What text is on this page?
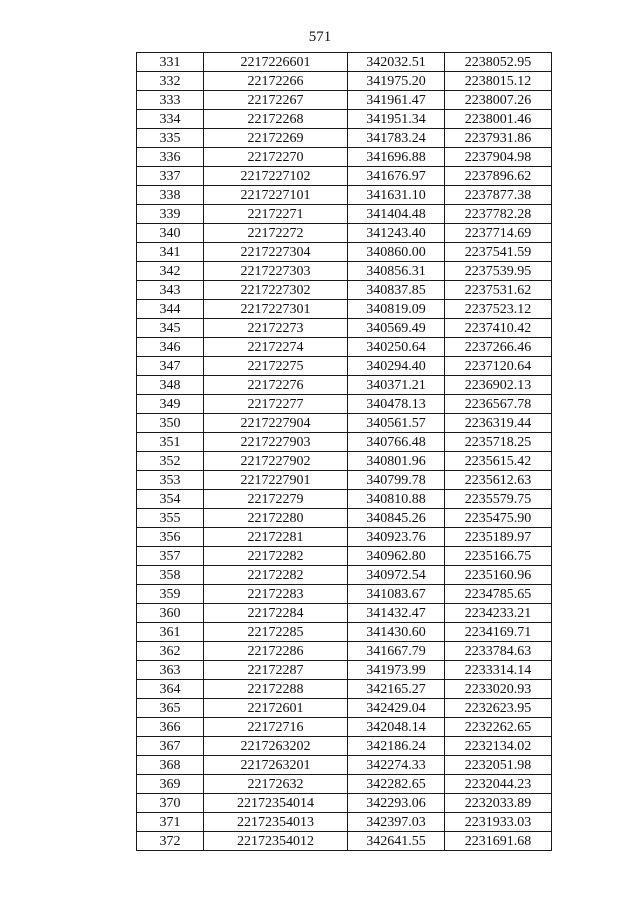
571
331	2217226601	342032.51	2238052.95
332	22172266	341975.20	2238015.12
333	22172267	341961.47	2238007.26
334	22172268	341951.34	2238001.46
335	22172269	341783.24	2237931.86
336	22172270	341696.88	2237904.98
337	2217227102	341676.97	2237896.62
338	2217227101	341631.10	2237877.38
339	22172271	341404.48	2237782.28
340	22172272	341243.40	2237714.69
341	2217227304	340860.00	2237541.59
342	2217227303	340856.31	2237539.95
343	2217227302	340837.85	2237531.62
344	2217227301	340819.09	2237523.12
345	22172273	340569.49	2237410.42
346	22172274	340250.64	2237266.46
347	22172275	340294.40	2237120.64
348	22172276	340371.21	2236902.13
349	22172277	340478.13	2236567.78
350	2217227904	340561.57	2236319.44
351	2217227903	340766.48	2235718.25
352	2217227902	340801.96	2235615.42
353	2217227901	340799.78	2235612.63
354	22172279	340810.88	2235579.75
355	22172280	340845.26	2235475.90
356	22172281	340923.76	2235189.97
357	22172282	340962.80	2235166.75
358	22172282	340972.54	2235160.96
359	22172283	341083.67	2234785.65
360	22172284	341432.47	2234233.21
361	22172285	341430.60	2234169.71
362	22172286	341667.79	2233784.63
363	22172287	341973.99	2233314.14
364	22172288	342165.27	2233020.93
365	22172601	342429.04	2232623.95
366	22172716	342048.14	2232262.65
367	2217263202	342186.24	2232134.02
368	2217263201	342274.33	2232051.98
369	22172632	342282.65	2232044.23
370	22172354014	342293.06	2232033.89
371	22172354013	342397.03	2231933.03
372	22172354012	342641.55	2231691.68
